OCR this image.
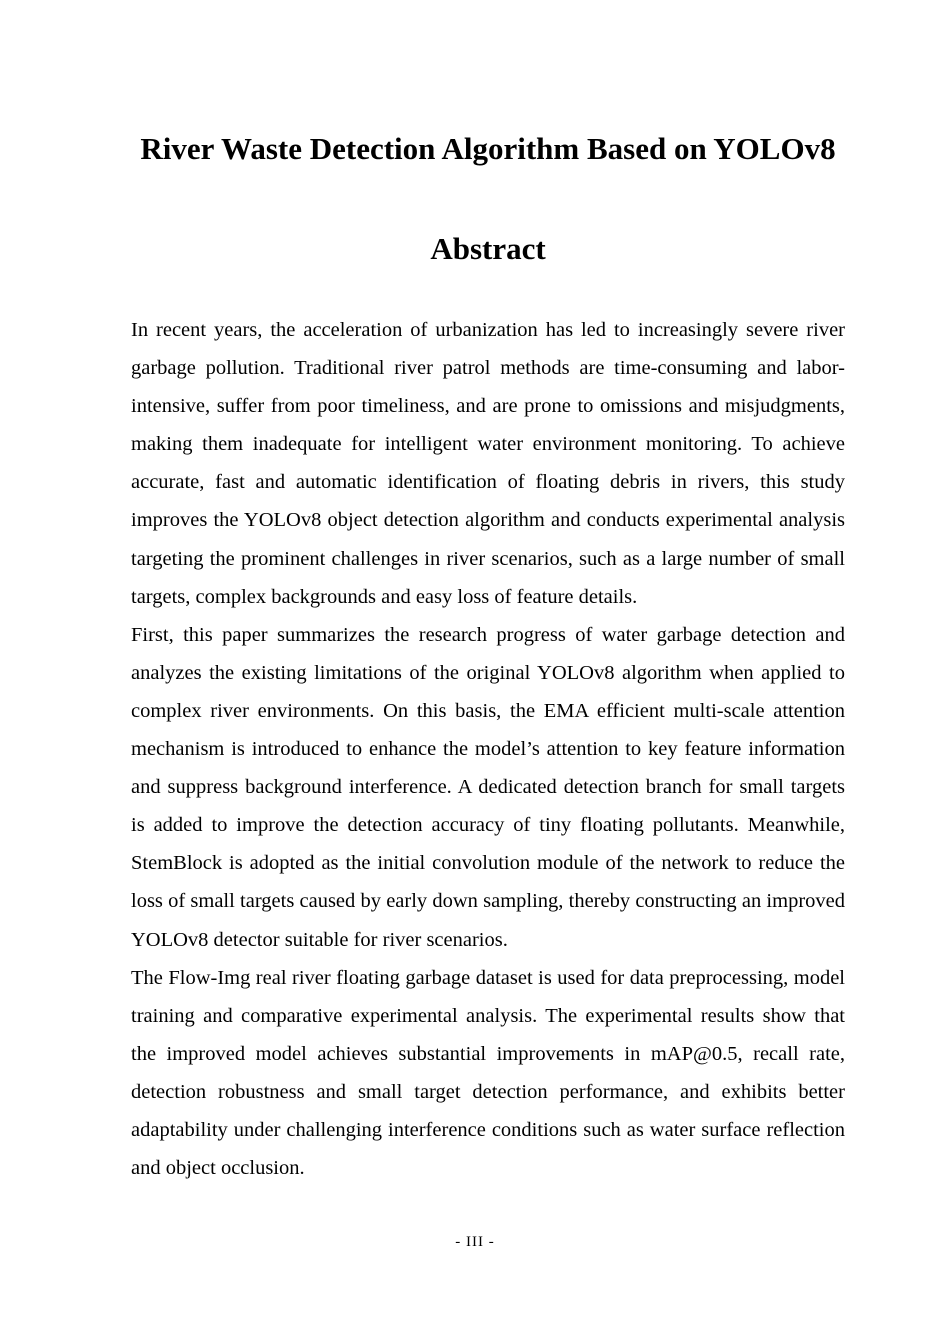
River Waste Detection Algorithm Based on YOLOv8
Abstract

In recent years, the acceleration of urbanization has led to increasingly severe river garbage pollution. Traditional river patrol methods are time-consuming and labor-intensive, suffer from poor timeliness, and are prone to omissions and misjudgments, making them inadequate for intelligent water environment monitoring. To achieve accurate, fast and automatic identification of floating debris in rivers, this study improves the YOLOv8 object detection algorithm and conducts experimental analysis targeting the prominent challenges in river scenarios, such as a large number of small targets, complex backgrounds and easy loss of feature details.

First, this paper summarizes the research progress of water garbage detection and analyzes the existing limitations of the original YOLOv8 algorithm when applied to complex river environments. On this basis, the EMA efficient multi-scale attention mechanism is introduced to enhance the model’s attention to key feature information and suppress background interference. A dedicated detection branch for small targets is added to improve the detection accuracy of tiny floating pollutants. Meanwhile, StemBlock is adopted as the initial convolution module of the network to reduce the loss of small targets caused by early down sampling, thereby constructing an improved YOLOv8 detector suitable for river scenarios.

The Flow-Img real river floating garbage dataset is used for data preprocessing, model training and comparative experimental analysis. The experimental results show that the improved model achieves substantial improvements in mAP@0.5, recall rate, detection robustness and small target detection performance, and exhibits better adaptability under challenging interference conditions such as water surface reflection and object occlusion.

- III -
